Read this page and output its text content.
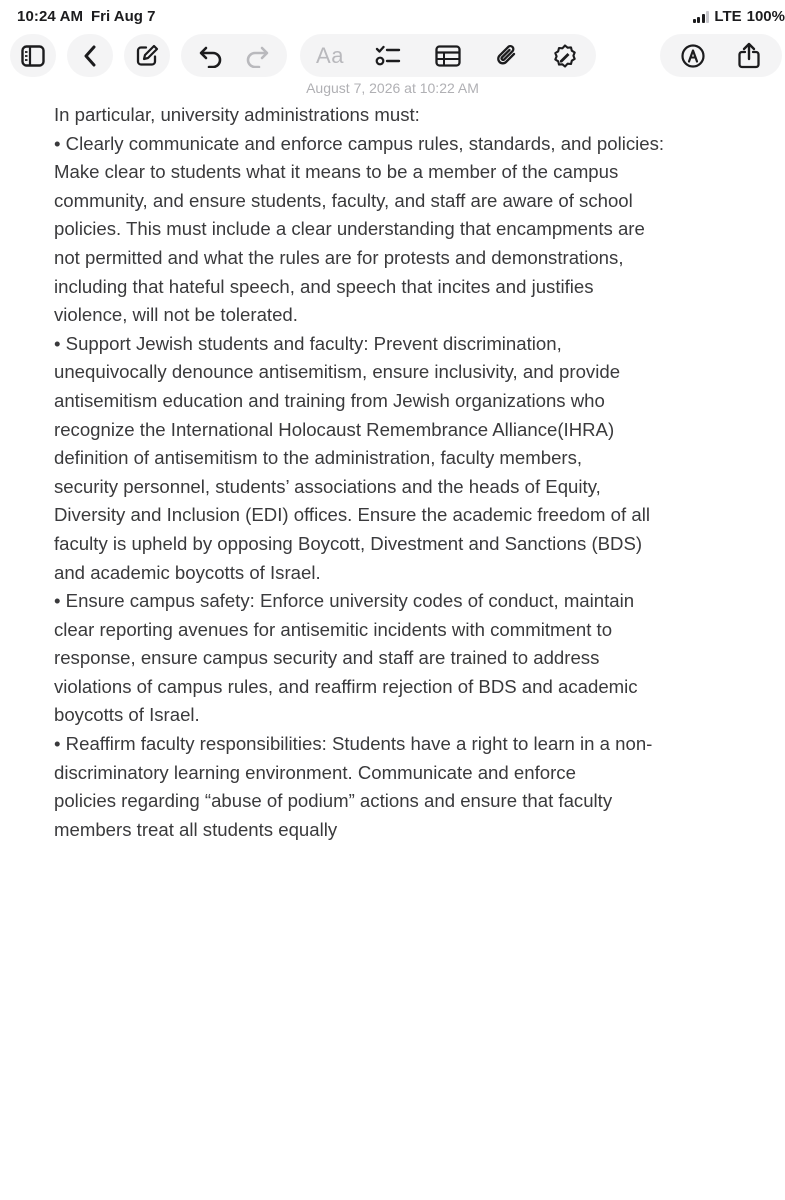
10:24 AM Fri Aug 7	LTE 100%
Aa
August 7, 2026 at 10:22 AM
In particular, university administrations must:
• Clearly communicate and enforce campus rules, standards, and policies:
Make clear to students what it means to be a member of the campus
community, and ensure students, faculty, and staff are aware of school
policies. This must include a clear understanding that encampments are
not permitted and what the rules are for protests and demonstrations,
including that hateful speech, and speech that incites and justifies
violence, will not be tolerated.
• Support Jewish students and faculty: Prevent discrimination,
unequivocally denounce antisemitism, ensure inclusivity, and provide
antisemitism education and training from Jewish organizations who
recognize the International Holocaust Remembrance Alliance(IHRA)
definition of antisemitism to the administration, faculty members,
security personnel, students’ associations and the heads of Equity,
Diversity and Inclusion (EDI) offices. Ensure the academic freedom of all
faculty is upheld by opposing Boycott, Divestment and Sanctions (BDS)
and academic boycotts of Israel.
• Ensure campus safety: Enforce university codes of conduct, maintain
clear reporting avenues for antisemitic incidents with commitment to
response, ensure campus security and staff are trained to address
violations of campus rules, and reaffirm rejection of BDS and academic
boycotts of Israel.
• Reaffirm faculty responsibilities: Students have a right to learn in a non-
discriminatory learning environment. Communicate and enforce
policies regarding “abuse of podium” actions and ensure that faculty
members treat all students equally
